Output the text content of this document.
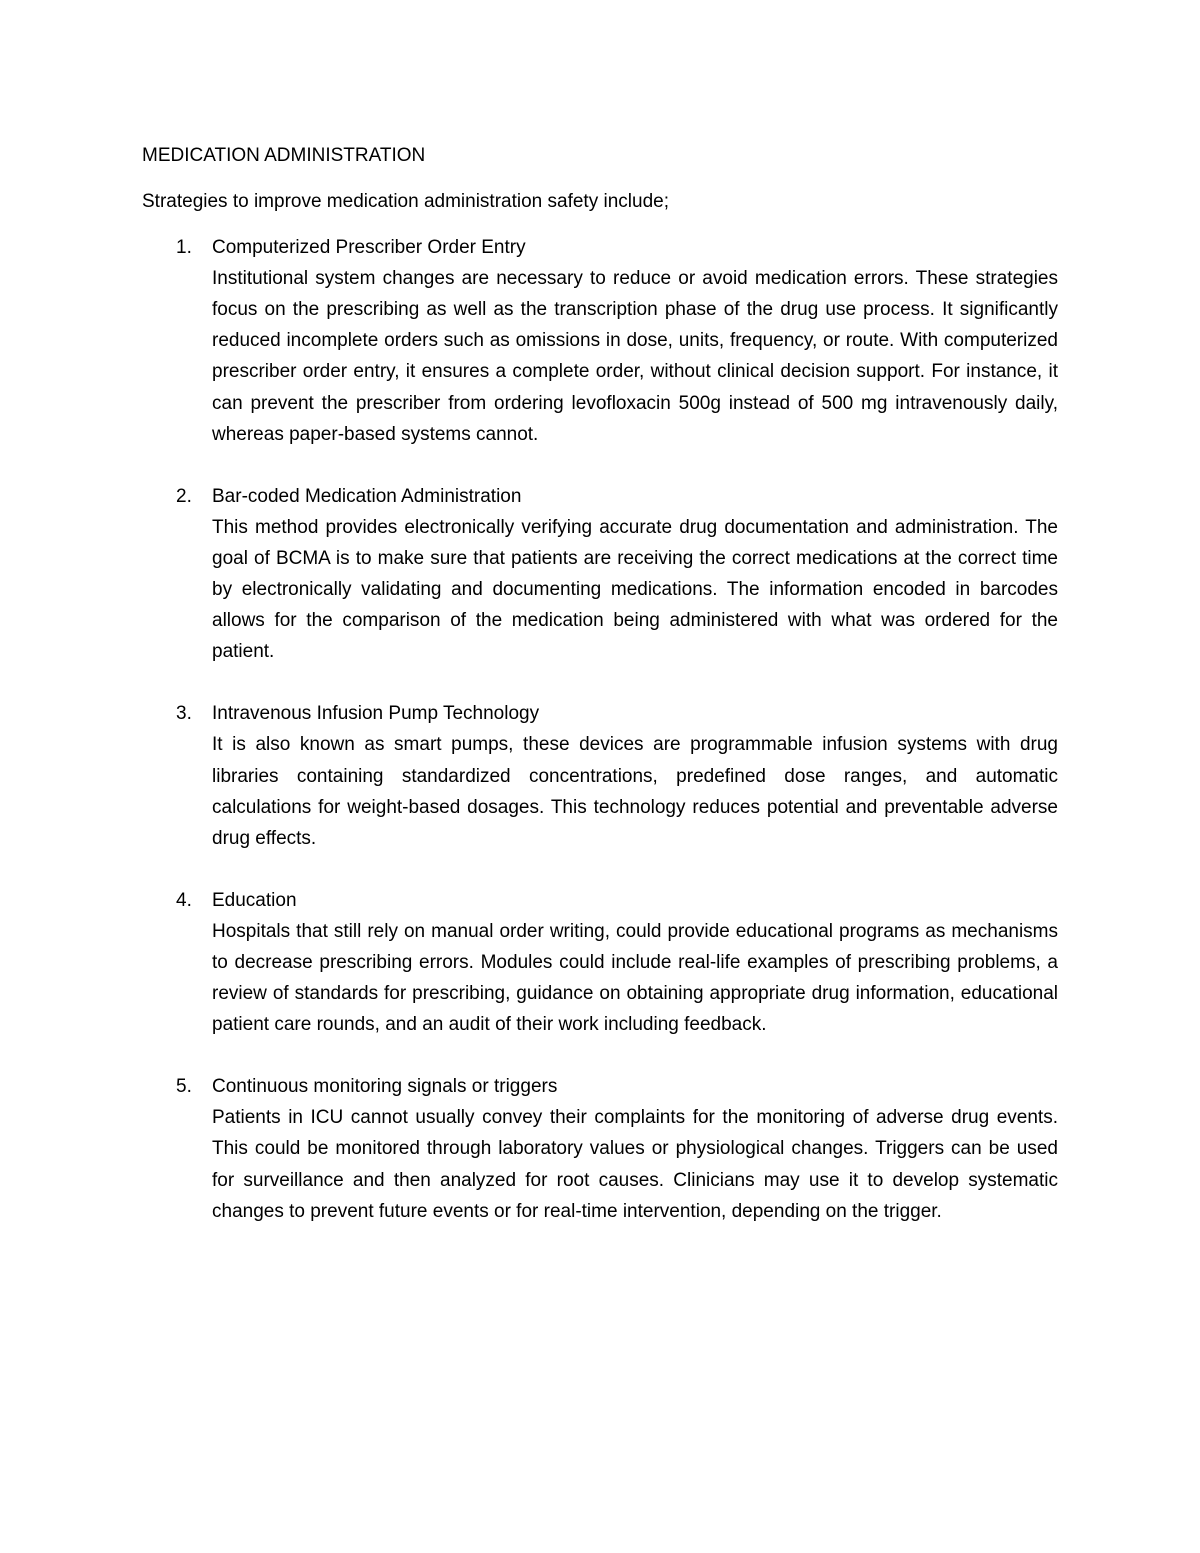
MEDICATION ADMINISTRATION

Strategies to improve medication administration safety include;

1. Computerized Prescriber Order Entry

Institutional system changes are necessary to reduce or avoid medication errors. These strategies focus on the prescribing as well as the transcription phase of the drug use process. It significantly reduced incomplete orders such as omissions in dose, units, frequency, or route. With computerized prescriber order entry, it ensures a complete order, without clinical decision support. For instance, it can prevent the prescriber from ordering levofloxacin 500g instead of 500 mg intravenously daily, whereas paper-based systems cannot.

2. Bar-coded Medication Administration

This method provides electronically verifying accurate drug documentation and administration. The goal of BCMA is to make sure that patients are receiving the correct medications at the correct time by electronically validating and documenting medications. The information encoded in barcodes allows for the comparison of the medication being administered with what was ordered for the patient.

3. Intravenous Infusion Pump Technology

It is also known as smart pumps, these devices are programmable infusion systems with drug libraries containing standardized concentrations, predefined dose ranges, and automatic calculations for weight-based dosages. This technology reduces potential and preventable adverse drug effects.

4. Education

Hospitals that still rely on manual order writing, could provide educational programs as mechanisms to decrease prescribing errors. Modules could include real-life examples of prescribing problems, a review of standards for prescribing, guidance on obtaining appropriate drug information, educational patient care rounds, and an audit of their work including feedback.

5. Continuous monitoring signals or triggers

Patients in ICU cannot usually convey their complaints for the monitoring of adverse drug events. This could be monitored through laboratory values or physiological changes. Triggers can be used for surveillance and then analyzed for root causes. Clinicians may use it to develop systematic changes to prevent future events or for real-time intervention, depending on the trigger.
